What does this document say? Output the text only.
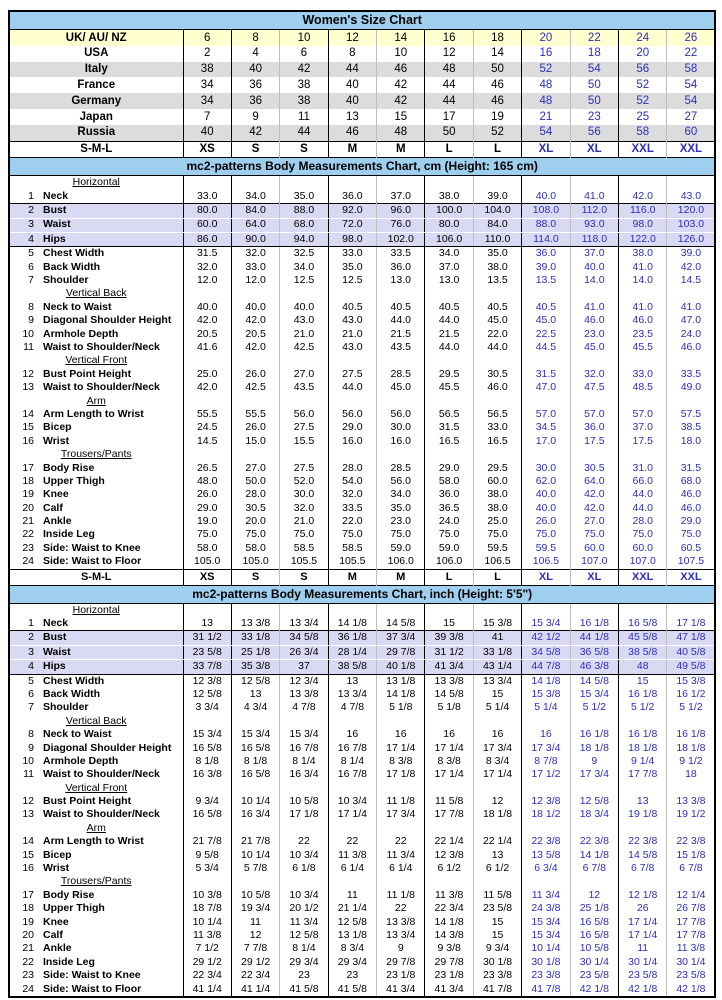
Women's Size Chart											
UK/ AU/ NZ	6	8	10	12	14	16	18	20	22	24	26
USA	2	4	6	8	10	12	14	16	18	20	22
Italy	38	40	42	44	46	48	50	52	54	56	58
France	34	36	38	40	42	44	46	48	50	52	54
Germany	34	36	38	40	42	44	46	48	50	52	54
Japan	7	9	11	13	15	17	19	21	23	25	27
Russia	40	42	44	46	48	50	52	54	56	58	60
S-M-L	XS	S	S	M	M	L	L	XL	XL	XXL	XXL
mc2-patterns Body Measurements Chart, cm (Height: 165 cm)											
Horizontal											
1 Neck	33.0	34.0	35.0	36.0	37.0	38.0	39.0	40.0	41.0	42.0	43.0
2 Bust	80.0	84.0	88.0	92.0	96.0	100.0	104.0	108.0	112.0	116.0	120.0
3 Waist	60.0	64.0	68.0	72.0	76.0	80.0	84.0	88.0	93.0	98.0	103.0
4 Hips	86.0	90.0	94.0	98.0	102.0	106.0	110.0	114.0	118.0	122.0	126.0
5 Chest Width	31.5	32.0	32.5	33.0	33.5	34.0	35.0	36.0	37.0	38.0	39.0
6 Back Width	32.0	33.0	34.0	35.0	36.0	37.0	38.0	39.0	40.0	41.0	42.0
7 Shoulder	12.0	12.0	12.5	12.5	13.0	13.0	13.5	13.5	14.0	14.0	14.5
Vertical Back											
8 Neck to Waist	40.0	40.0	40.0	40.5	40.5	40.5	40.5	40.5	41.0	41.0	41.0
9 Diagonal Shoulder Height	42.0	42.0	43.0	43.0	44.0	44.0	45.0	45.0	46.0	46.0	47.0
10 Armhole Depth	20.5	20.5	21.0	21.0	21.5	21.5	22.0	22.5	23.0	23.5	24.0
11 Waist to Shoulder/Neck	41.6	42.0	42.5	43.0	43.5	44.0	44.0	44.5	45.0	45.5	46.0
Vertical Front											
12 Bust Point Height	25.0	26.0	27.0	27.5	28.5	29.5	30.5	31.5	32.0	33.0	33.5
13 Waist to Shoulder/Neck	42.0	42.5	43.5	44.0	45.0	45.5	46.0	47.0	47.5	48.5	49.0
Arm											
14 Arm Length to Wrist	55.5	55.5	56.0	56.0	56.0	56.5	56.5	57.0	57.0	57.0	57.5
15 Bicep	24.5	26.0	27.5	29.0	30.0	31.5	33.0	34.5	36.0	37.0	38.5
16 Wrist	14.5	15.0	15.5	16.0	16.0	16.5	16.5	17.0	17.5	17.5	18.0
Trousers/Pants											
17 Body Rise	26.5	27.0	27.5	28.0	28.5	29.0	29.5	30.0	30.5	31.0	31.5
18 Upper Thigh	48.0	50.0	52.0	54.0	56.0	58.0	60.0	62.0	64.0	66.0	68.0
19 Knee	26.0	28.0	30.0	32.0	34.0	36.0	38.0	40.0	42.0	44.0	46.0
20 Calf	29.0	30.5	32.0	33.5	35.0	36.5	38.0	40.0	42.0	44.0	46.0
21 Ankle	19.0	20.0	21.0	22.0	23.0	24.0	25.0	26.0	27.0	28.0	29.0
22 Inside Leg	75.0	75.0	75.0	75.0	75.0	75.0	75.0	75.0	75.0	75.0	75.0
23 Side: Waist to Knee	58.0	58.0	58.5	58.5	59.0	59.0	59.5	59.5	60.0	60.0	60.5
24 Side: Waist to Floor	105.0	105.0	105.5	105.5	106.0	106.0	106.5	106.5	107.0	107.0	107.5
S-M-L	XS	S	S	M	M	L	L	XL	XL	XXL	XXL
mc2-patterns Body Measurements Chart, inch (Height: 5'5")											
Horizontal											
1 Neck	13	13 3/8	13 3/4	14 1/8	14 5/8	15	15 3/8	15 3/4	16 1/8	16 5/8	17 1/8
2 Bust	31 1/2	33 1/8	34 5/8	36 1/8	37 3/4	39 3/8	41	42 1/2	44 1/8	45 5/8	47 1/8
3 Waist	23 5/8	25 1/8	26 3/4	28 1/4	29 7/8	31 1/2	33 1/8	34 5/8	36 5/8	38 5/8	40 5/8
4 Hips	33 7/8	35 3/8	37	38 5/8	40 1/8	41 3/4	43 1/4	44 7/8	46 3/8	48	49 5/8
5 Chest Width	12 3/8	12 5/8	12 3/4	13	13 1/8	13 3/8	13 3/4	14 1/8	14 5/8	15	15 3/8
6 Back Width	12 5/8	13	13 3/8	13 3/4	14 1/8	14 5/8	15	15 3/8	15 3/4	16 1/8	16 1/2
7 Shoulder	3 3/4	4 3/4	4 7/8	4 7/8	5 1/8	5 1/8	5 1/4	5 1/4	5 1/2	5 1/2	5 1/2
Vertical Back											
8 Neck to Waist	15 3/4	15 3/4	15 3/4	16	16	16	16	16	16 1/8	16 1/8	16 1/8
9 Diagonal Shoulder Height	16 5/8	16 5/8	16 7/8	16 7/8	17 1/4	17 1/4	17 3/4	17 3/4	18 1/8	18 1/8	18 1/8
10 Armhole Depth	8 1/8	8 1/8	8 1/4	8 1/4	8 3/8	8 3/8	8 3/4	8 7/8	9	9 1/4	9 1/2
11 Waist to Shoulder/Neck	16 3/8	16 5/8	16 3/4	16 7/8	17 1/8	17 1/4	17 1/4	17 1/2	17 3/4	17 7/8	18
Vertical Front											
12 Bust Point Height	9 3/4	10 1/4	10 5/8	10 3/4	11 1/8	11 5/8	12	12 3/8	12 5/8	13	13 3/8
13 Waist to Shoulder/Neck	16 5/8	16 3/4	17 1/8	17 1/4	17 3/4	17 7/8	18 1/8	18 1/2	18 3/4	19 1/8	19 1/2
Arm											
14 Arm Length to Wrist	21 7/8	21 7/8	22	22	22	22 1/4	22 1/4	22 3/8	22 3/8	22 3/8	22 3/8
15 Bicep	9 5/8	10 1/4	10 3/4	11 3/8	11 3/4	12 3/8	13	13 5/8	14 1/8	14 5/8	15 1/8
16 Wrist	5 3/4	5 7/8	6 1/8	6 1/4	6 1/4	6 1/2	6 1/2	6 3/4	6 7/8	6 7/8	6 7/8
Trousers/Pants											
17 Body Rise	10 3/8	10 5/8	10 3/4	11	11 1/8	11 3/8	11 5/8	11 3/4	12	12 1/8	12 1/4
18 Upper Thigh	18 7/8	19 3/4	20 1/2	21 1/4	22	22 3/4	23 5/8	24 3/8	25 1/8	26	26 7/8
19 Knee	10 1/4	11	11 3/4	12 5/8	13 3/8	14 1/8	15	15 3/4	16 5/8	17 1/4	17 7/8
20 Calf	11 3/8	12	12 5/8	13 1/8	13 3/4	14 3/8	15	15 3/4	16 5/8	17 1/4	17 7/8
21 Ankle	7 1/2	7 7/8	8 1/4	8 3/4	9	9 3/8	9 3/4	10 1/4	10 5/8	11	11 3/8
22 Inside Leg	29 1/2	29 1/2	29 3/4	29 3/4	29 7/8	29 7/8	30 1/8	30 1/8	30 1/4	30 1/4	30 1/4
23 Side: Waist to Knee	22 3/4	22 3/4	23	23	23 1/8	23 1/8	23 3/8	23 3/8	23 5/8	23 5/8	23 5/8
24 Side: Waist to Floor	41 1/4	41 1/4	41 5/8	41 5/8	41 3/4	41 3/4	41 7/8	41 7/8	42 1/8	42 1/8	42 1/8
